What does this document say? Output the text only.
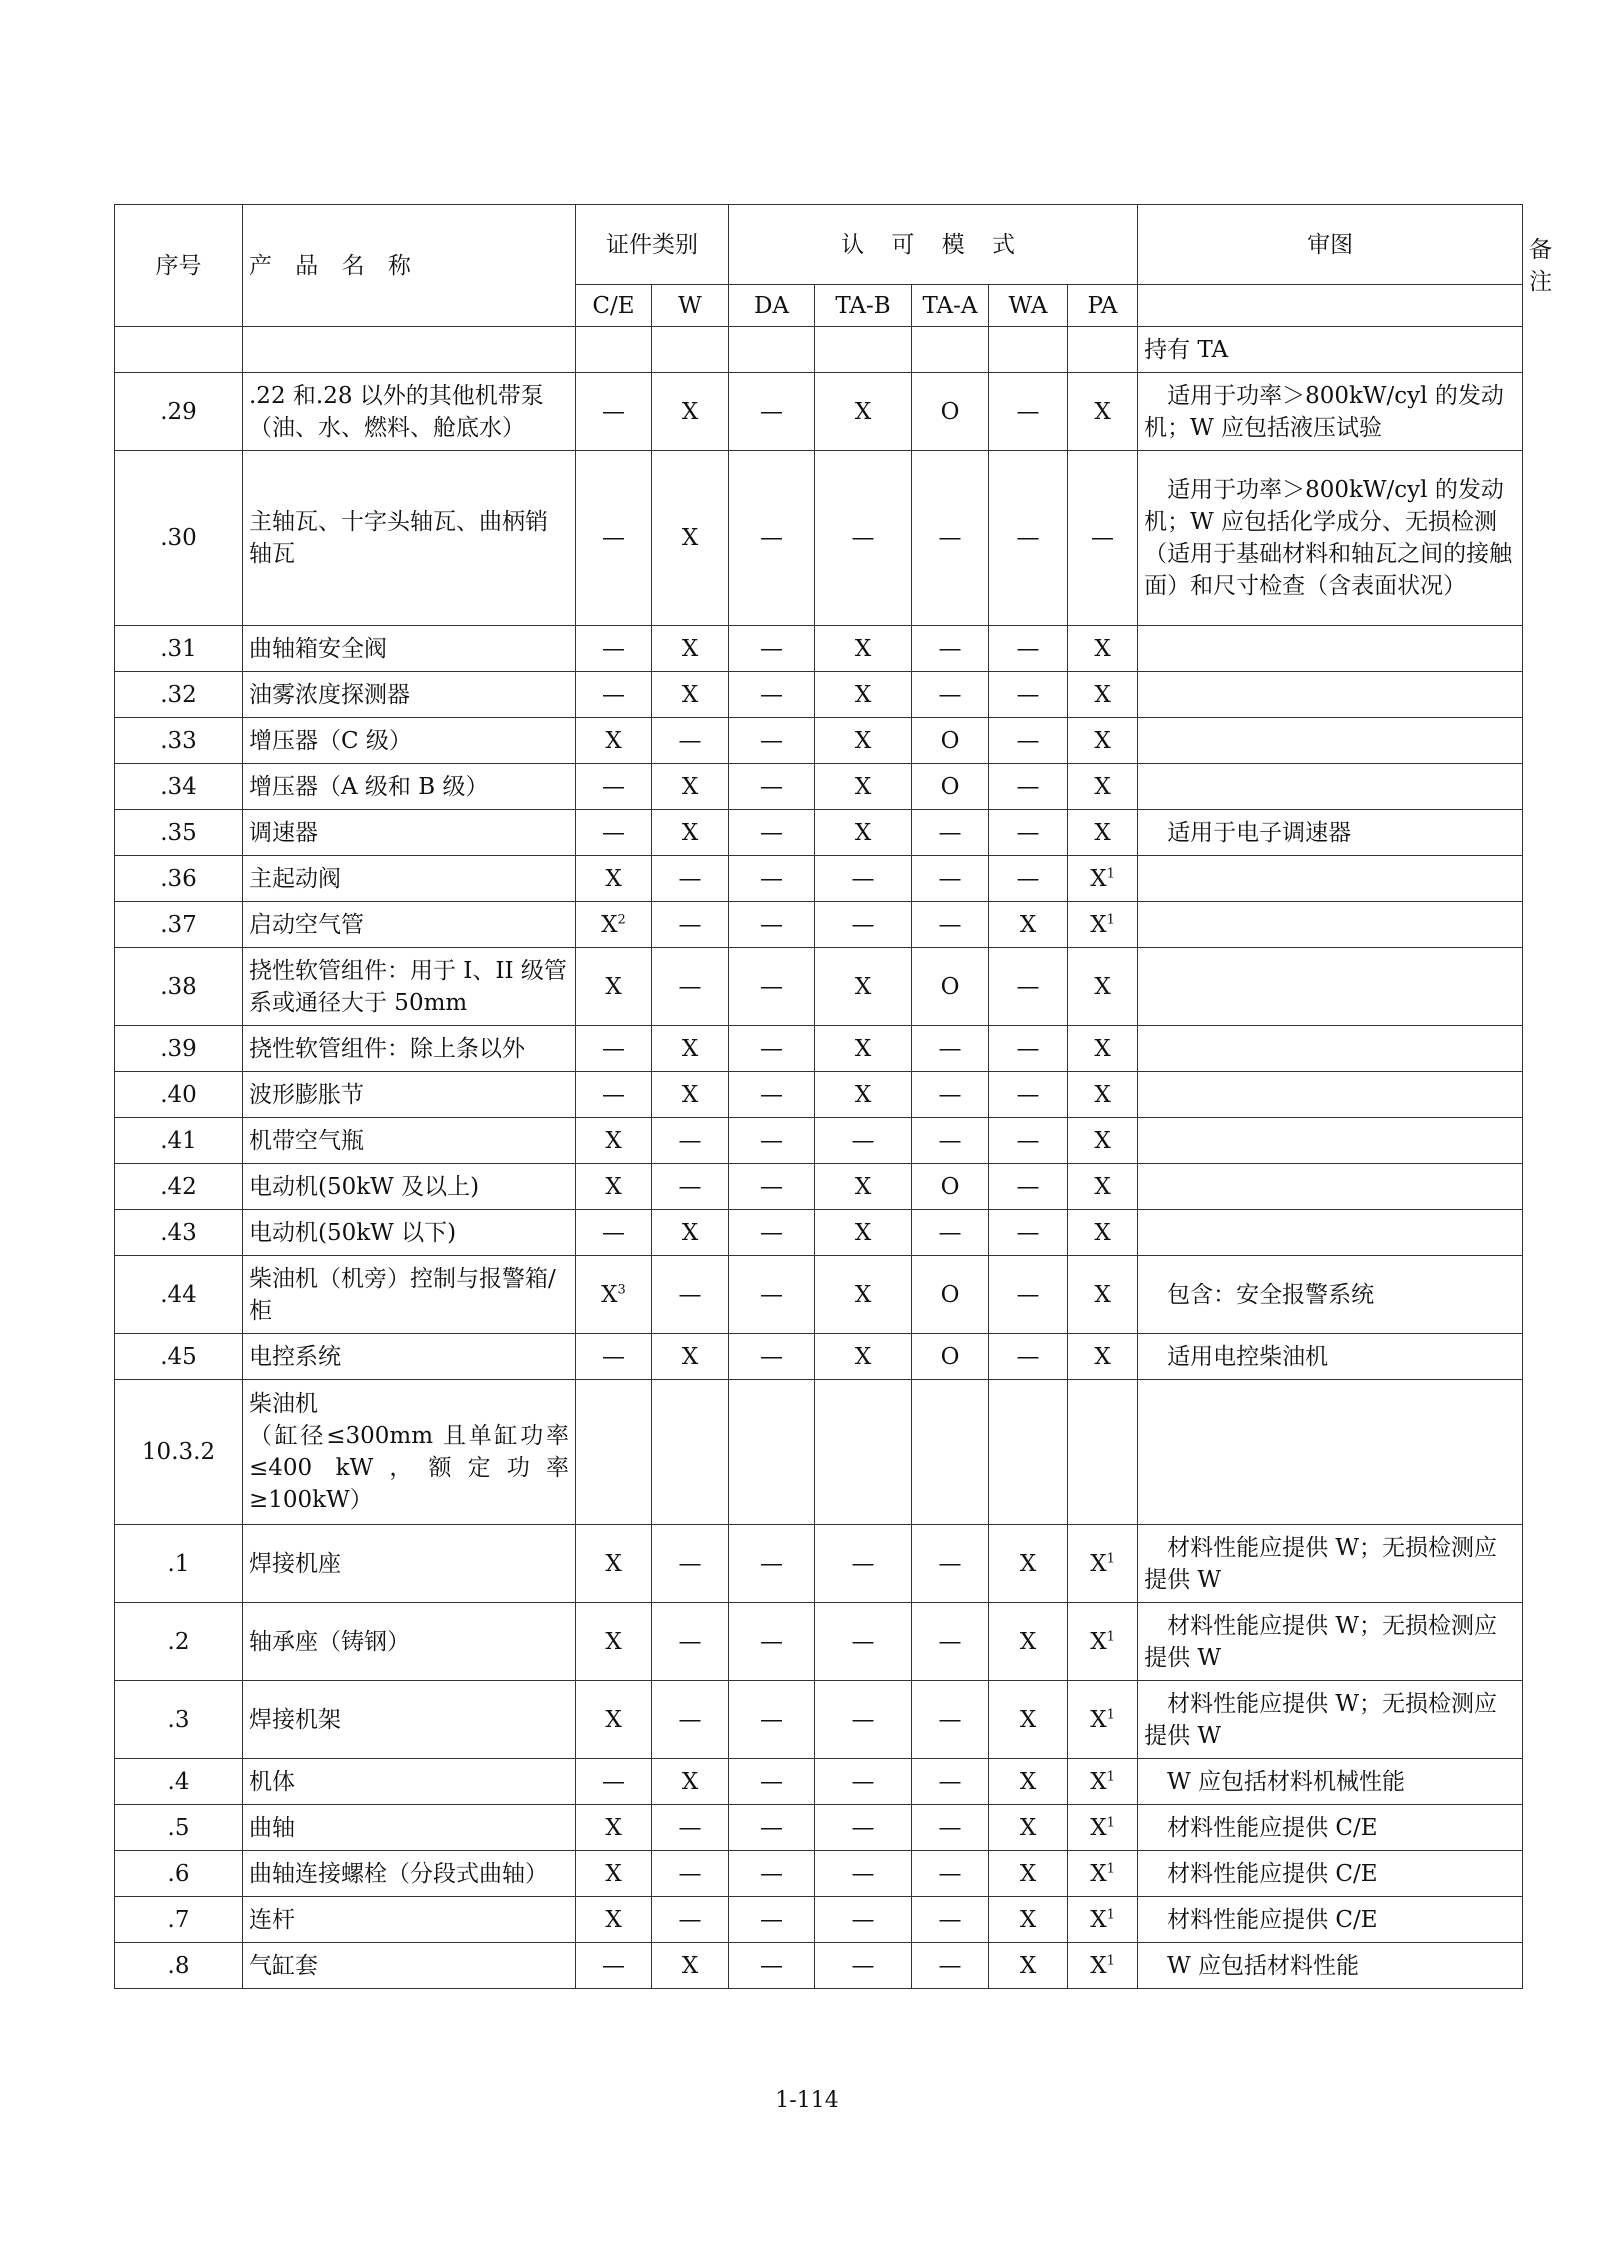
序号	产 品 名 称	证件类别		认 可 模 式					审图	备 注
		C/E	W	DA	TA-B	TA-A	WA	PA		
									持有 TA	
.29	.22 和.28 以外的其他机带泵（油、水、燃料、舱底水）	—	X	—	X	O	—	X	适用于功率＞800kW/cyl 的发动机；W 应包括液压试验	
.30	主轴瓦、十字头轴瓦、曲柄销轴瓦	—	X	—	—	—	—	—	适用于功率＞800kW/cyl 的发动机；W 应包括化学成分、无损检测（适用于基础材料和轴瓦之间的接触面）和尺寸检查（含表面状况）	
.31	曲轴箱安全阀	—	X	—	X	—	—	X		
.32	油雾浓度探测器	—	X	—	X	—	—	X		
.33	增压器（C 级）	X	—	—	X	O	—	X		
.34	增压器（A 级和 B 级）	—	X	—	X	O	—	X		
.35	调速器	—	X	—	X	—	—	X	适用于电子调速器	
.36	主起动阀	X	—	—	—	—	—	$X^1$	
.37	启动空气管	$X^2$	—	—	—	—	X	$X^1$	
.38	挠性软管组件：用于 I、II 级管系或通径大于 50mm	X	—	—	X	O	—	X		
.39	挠性软管组件：除上条以外	—	X	—	X	—	—	X		
.40	波形膨胀节	—	X	—	X	—	—	X		
.41	机带空气瓶	X	—	—	—	—	—	X		
.42	电动机(50kW 及以上)	X	—	—	X	O	—	X		
.43	电动机(50kW 以下)	—	X	—	X	—	—	X		
.44	柴油机（机旁）控制与报警箱/柜	$X^3$	—	—	X	O	—	X	包含：安全报警系统	
.45	电控系统	—	X	—	X	O	—	X	适用电控柴油机	
10.3.2	柴油机
（缸径≤300mm 且单缸功率≤400 kW，额定功率≥100kW）									

.1	焊接机座	X	—	—	—	—	X	$X^1$	材料性能应提供 W；无损检测应提供 W	
.2	轴承座（铸钢）	X	—	—	—	—	X	$X^1$	材料性能应提供 W；无损检测应提供 W	
.3	焊接机架	X	—	—	—	—	X	$X^1$	材料性能应提供 W；无损检测应提供 W	
.4	机体	—	X	—	—	—	X	$X^1$	W 应包括材料机械性能	
.5	曲轴	X	—	—	—	—	X	$X^1$	材料性能应提供 C/E	
.6	曲轴连接螺栓（分段式曲轴）	X	—	—	—	—	X	$X^1$	材料性能应提供 C/E	
.7	连杆	X	—	—	—	—	X	$X^1$	材料性能应提供 C/E	
.8	气缸套	—	X	—	—	—	X	$X^1$	W 应包括材料性能	
1-114
